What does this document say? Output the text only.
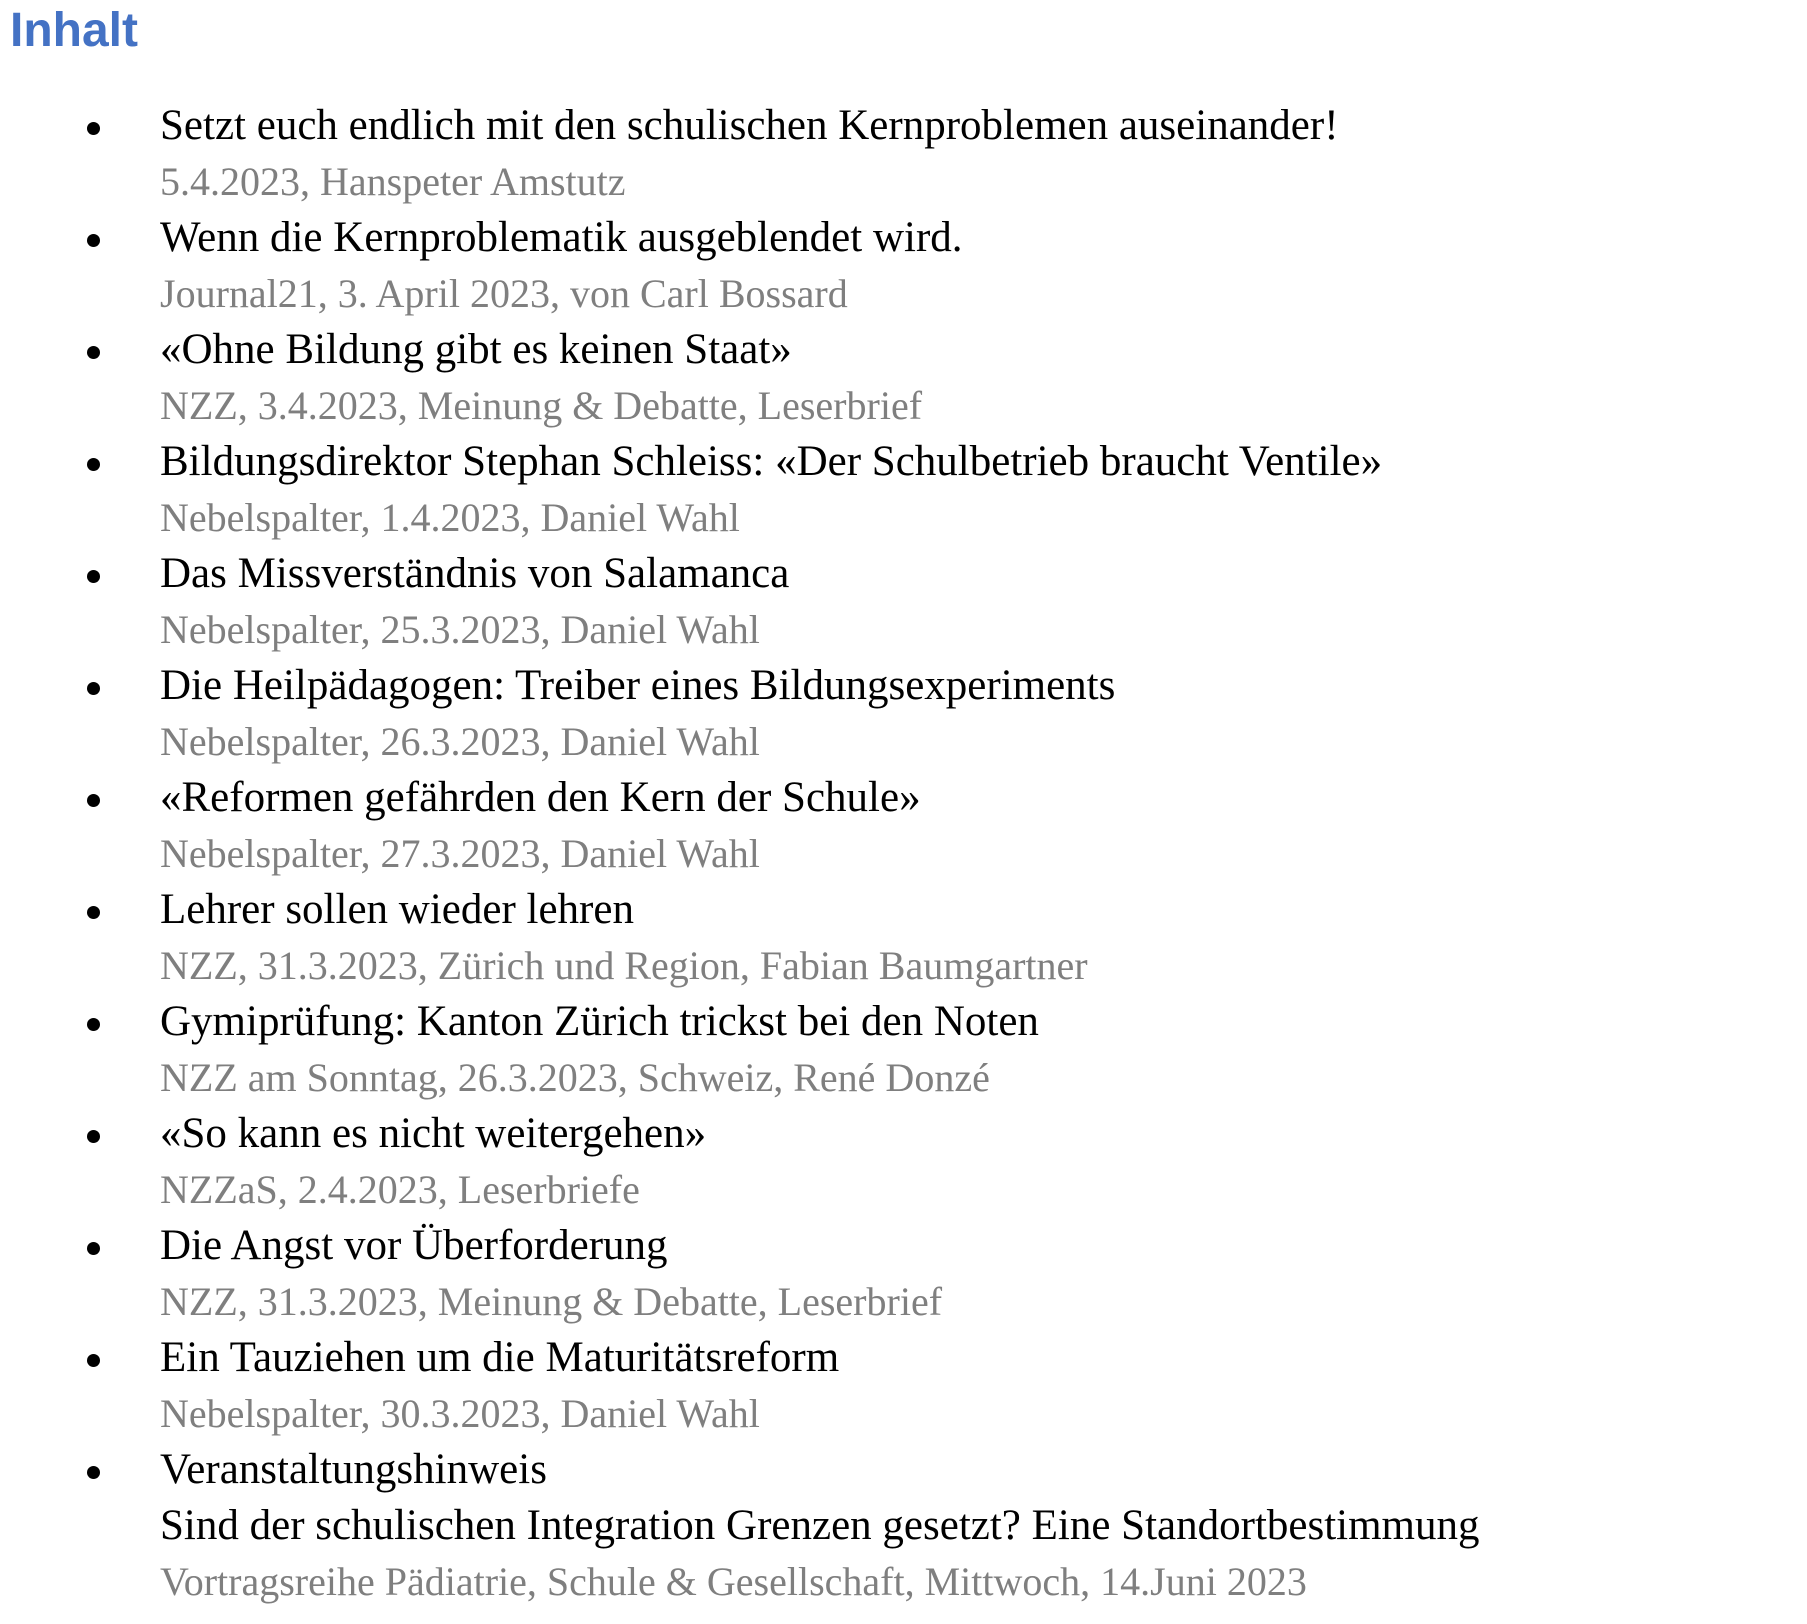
Inhalt
Setzt euch endlich mit den schulischen Kernproblemen auseinander!
5.4.2023, Hanspeter Amstutz
Wenn die Kernproblematik ausgeblendet wird.
Journal21, 3. April 2023, von Carl Bossard
«Ohne Bildung gibt es keinen Staat»
NZZ, 3.4.2023, Meinung & Debatte, Leserbrief
Bildungsdirektor Stephan Schleiss: «Der Schulbetrieb braucht Ventile»
Nebelspalter, 1.4.2023, Daniel Wahl
Das Missverständnis von Salamanca
Nebelspalter, 25.3.2023, Daniel Wahl
Die Heilpädagogen: Treiber eines Bildungsexperiments
Nebelspalter, 26.3.2023, Daniel Wahl
«Reformen gefährden den Kern der Schule»
Nebelspalter, 27.3.2023, Daniel Wahl
Lehrer sollen wieder lehren
NZZ, 31.3.2023, Zürich und Region, Fabian Baumgartner
Gymiprüfung: Kanton Zürich trickst bei den Noten
NZZ am Sonntag, 26.3.2023, Schweiz, René Donzé
«So kann es nicht weitergehen»
NZZaS, 2.4.2023, Leserbriefe
Die Angst vor Überforderung
NZZ, 31.3.2023, Meinung & Debatte, Leserbrief
Ein Tauziehen um die Maturitätsreform
Nebelspalter, 30.3.2023, Daniel Wahl
Veranstaltungshinweis
Sind der schulischen Integration Grenzen gesetzt? Eine Standortbestimmung
Vortragsreihe Pädiatrie, Schule & Gesellschaft, Mittwoch, 14.Juni 2023
